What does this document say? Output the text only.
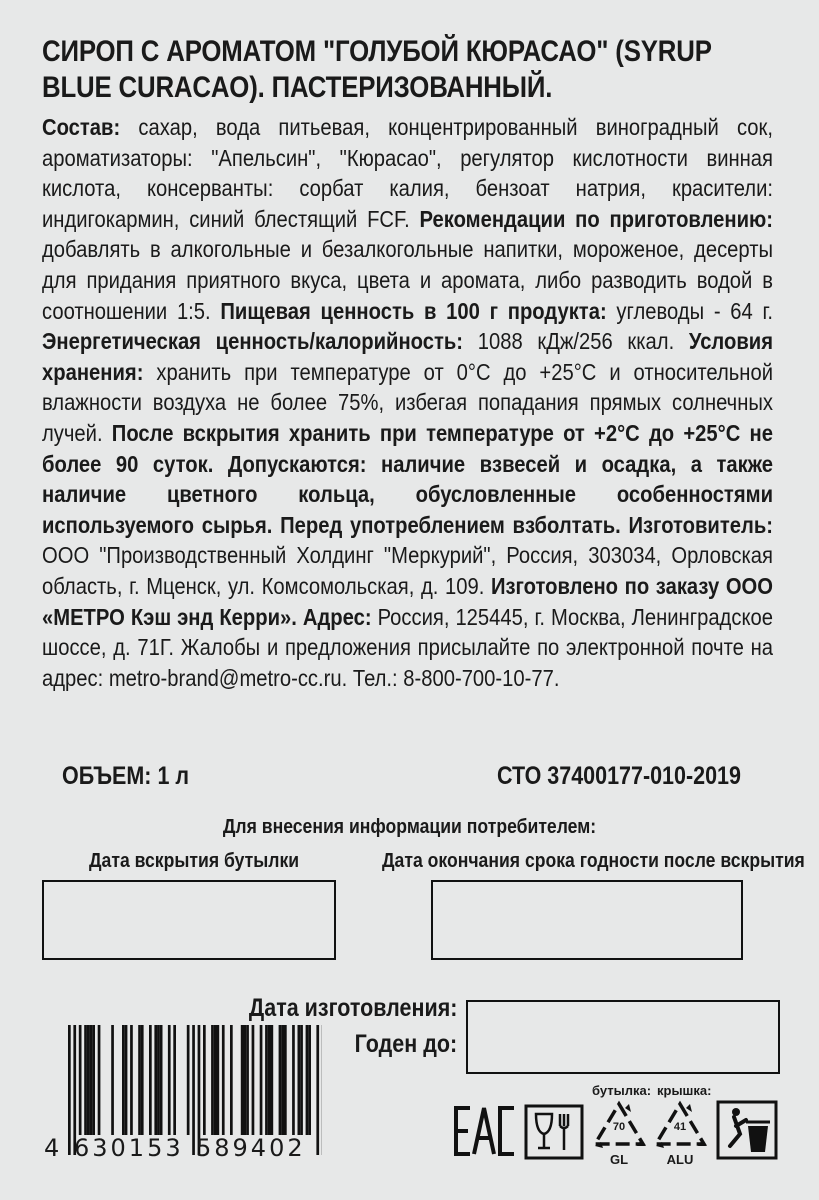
СИРОП С АРОМАТОМ "ГОЛУБОЙ КЮРАСАО" (SYRUP BLUE CURACAO). ПАСТЕРИЗОВАННЫЙ.
Состав: сахар, вода питьевая, концентрированный виноградный сок, ароматизаторы: "Апельсин", "Кюрасао", регулятор кислотности винная кислота, консерванты: сорбат калия, бензоат натрия, красители: индигокармин, синий блестящий FCF. Рекомендации по приготовлению: добавлять в алкогольные и безалкогольные напитки, мороженое, десерты для придания приятного вкуса, цвета и аромата, либо разводить водой в соотношении 1:5. Пищевая ценность в 100 г продукта: углеводы - 64 г. Энергетическая ценность/калорийность: 1088 кДж/256 ккал. Условия хранения: хранить при температуре от 0°С до +25°С и относительной влажности воздуха не более 75%, избегая попадания прямых солнечных лучей. После вскрытия хранить при температуре от +2°С до +25°С не более 90 суток. Допускаются: наличие взвесей и осадка, а также наличие цветного кольца, обусловленные особенностями используемого сырья. Перед употреблением взболтать. Изготовитель: ООО "Производственный Холдинг "Меркурий", Россия, 303034, Орловская область, г. Мценск, ул. Комсомольская, д. 109. Изготовлено по заказу ООО «МЕТРО Кэш энд Керри». Адрес: Россия, 125445, г. Москва, Ленинградское шоссе, д. 71Г. Жалобы и предложения присылайте по электронной почте на адрес: metro-brand@metro-cc.ru. Тел.: 8-800-700-10-77.
ОБЪЕМ: 1 л	СТО 37400177-010-2019
Для внесения информации потребителем:
Дата вскрытия бутылки	Дата окончания срока годности после вскрытия
Дата изготовления:
Годен до:
4 630153 589402
бутылка: крышка:
70
GL
41
ALU
